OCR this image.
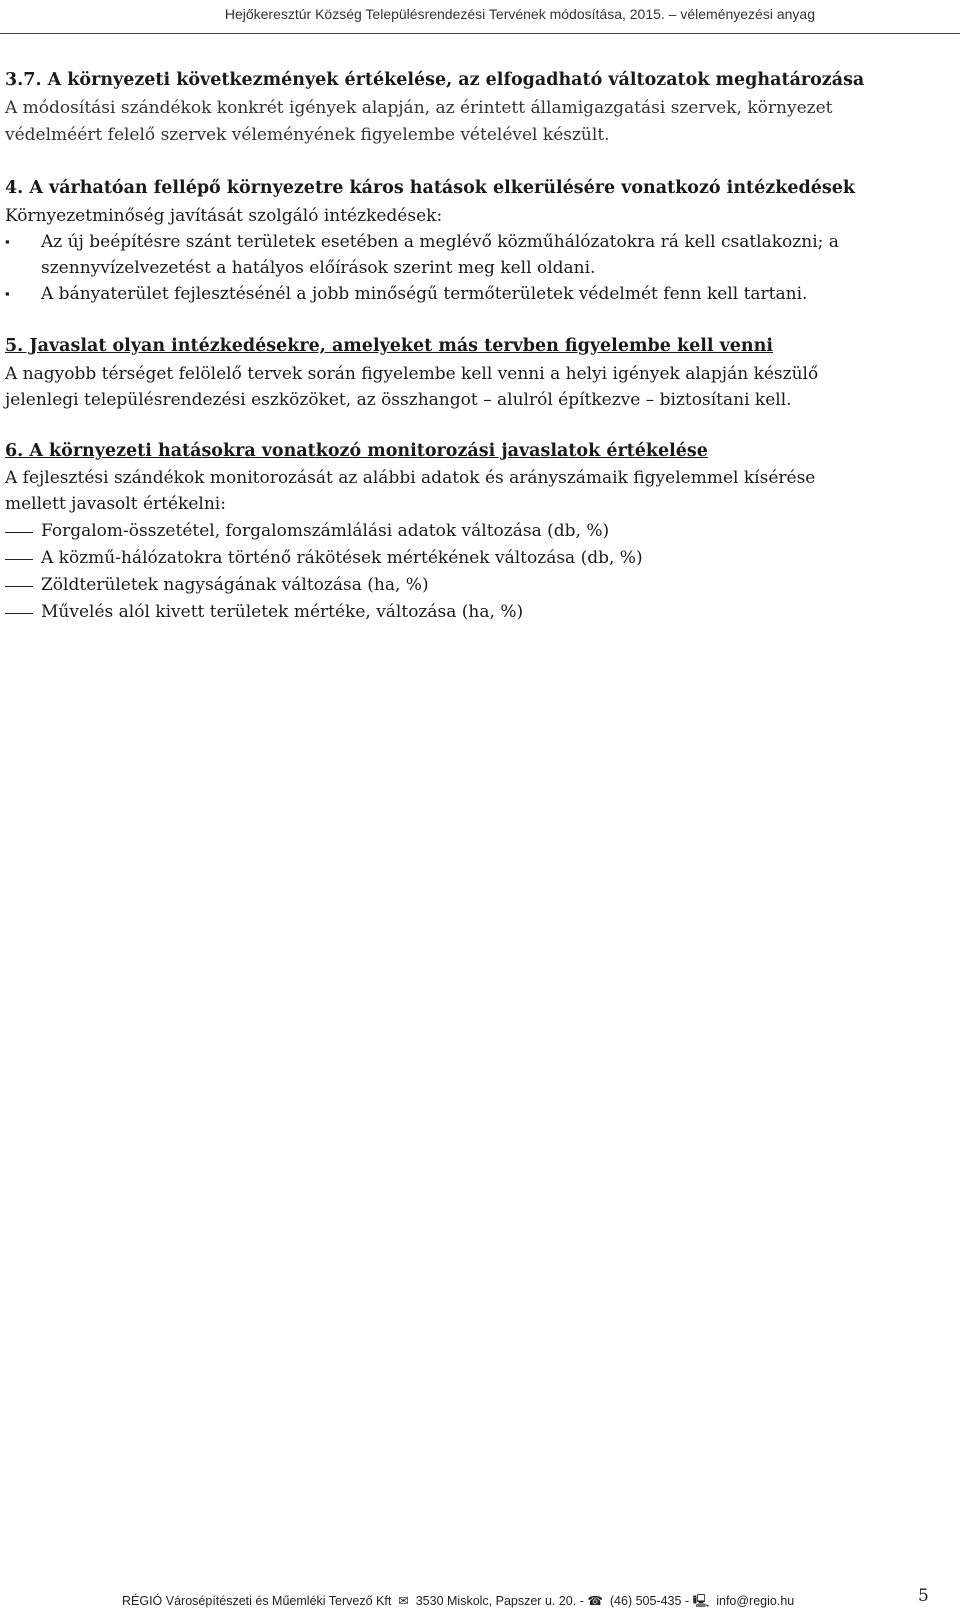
Hejőkeresztúr Község Településrendezési Tervének módosítása, 2015. – véleményezési anyag
3.7. A környezeti következmények értékelése, az elfogadható változatok meghatározása
A módosítási szándékok konkrét igények alapján, az érintett államigazgatási szervek, környezet
védelméért felelő szervek véleményének figyelembe vételével készült.
4. A várhatóan fellépő környezetre káros hatások elkerülésére vonatkozó intézkedések
Környezetminőség javítását szolgáló intézkedések:
▪ Az új beépítésre szánt területek esetében a meglévő közműhálózatokra rá kell csatlakozni; a
szennyvízelvezetést a hatályos előírások szerint meg kell oldani.
▪ A bányaterület fejlesztésénél a jobb minőségű termőterületek védelmét fenn kell tartani.
5. Javaslat olyan intézkedésekre, amelyeket más tervben figyelembe kell venni
A nagyobb térséget felölelő tervek során figyelembe kell venni a helyi igények alapján készülő
jelenlegi településrendezési eszközöket, az összhangot – alulról építkezve – biztosítani kell.
6. A környezeti hatásokra vonatkozó monitorozási javaslatok értékelése
A fejlesztési szándékok monitorozását az alábbi adatok és arányszámaik figyelemmel kísérése
mellett javasolt értékelni:
Forgalom-összetétel, forgalomszámlálási adatok változása (db, %)
A közmű-hálózatokra történő rákötések mértékének változása (db, %)
Zöldterületek nagyságának változása (ha, %)
Művelés alól kivett területek mértéke, változása (ha, %)
RÉGIÓ Városépítészeti és Műemléki Tervező Kft  ✉  3530 Miskolc, Papszer u. 20. - ☎  (46) 505-435 - 🖳  info@regio.hu	5
